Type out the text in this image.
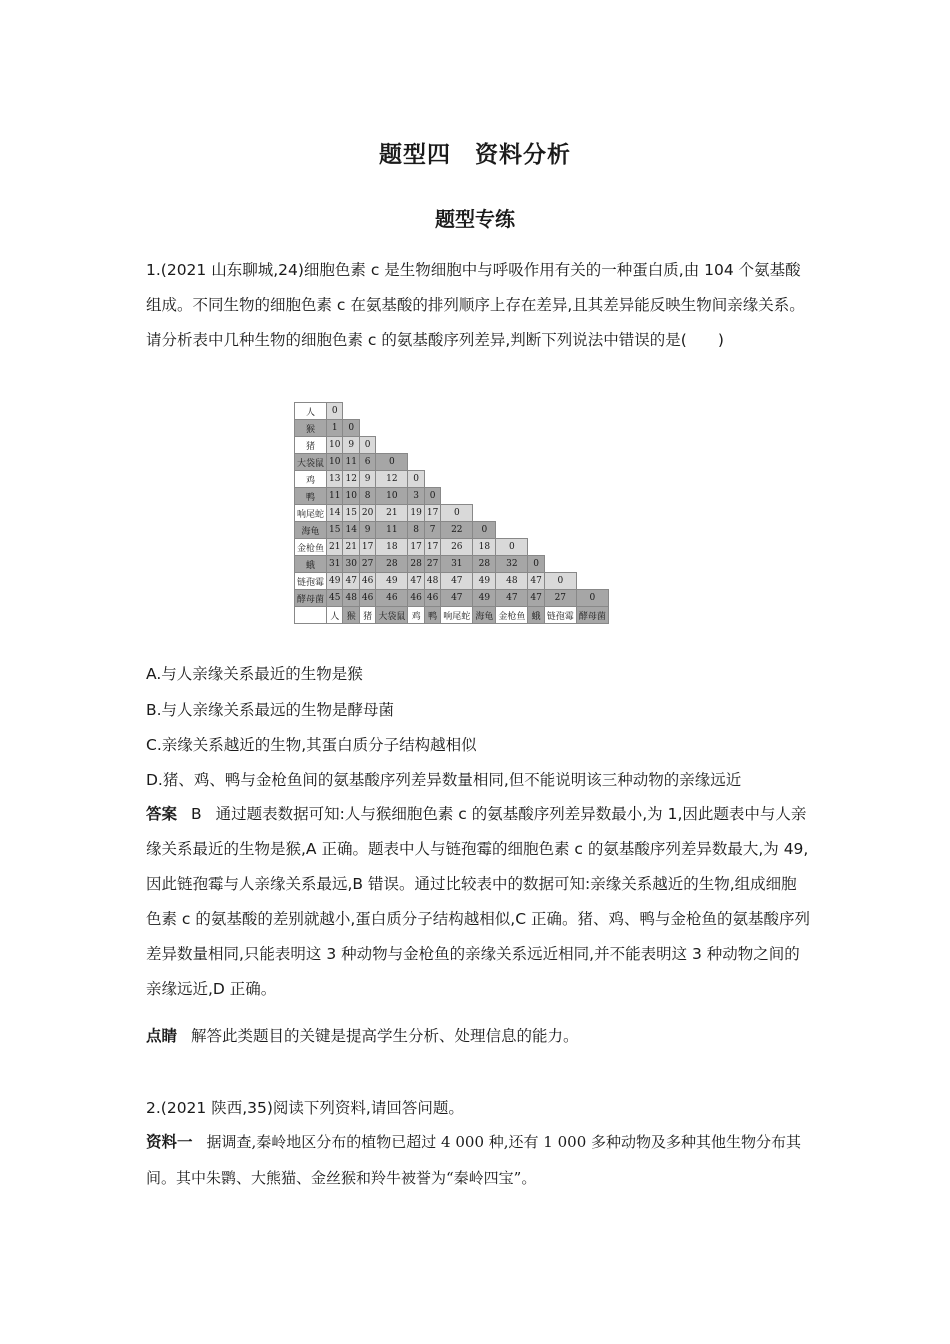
题型四　资料分析
题型专练
1.(2021 山东聊城,24)细胞色素 c 是生物细胞中与呼吸作用有关的一种蛋白质,由 104 个氨基酸组成。不同生物的细胞色素 c 在氨基酸的排列顺序上存在差异,且其差异能反映生物间亲缘关系。请分析表中几种生物的细胞色素 c 的氨基酸序列差异,判断下列说法中错误的是(　　)
人	0											
猴	1	0										
猪	10	9	0									
大袋鼠	10	11	6	0								
鸡	13	12	9	12	0							
鸭	11	10	8	10	3	0						
响尾蛇	14	15	20	21	19	17	0					
海龟	15	14	9	11	8	7	22	0				
金枪鱼	21	21	17	18	17	17	26	18	0			
蛾	31	30	27	28	28	27	31	28	32	0		
链孢霉	49	47	46	49	47	48	47	49	48	47	0	
酵母菌	45	48	46	46	46	46	47	49	47	47	27	0
	人	猴	猪	大袋鼠	鸡	鸭	响尾蛇	海龟	金枪鱼	蛾	链孢霉	酵母菌
A.与人亲缘关系最近的生物是猴
B.与人亲缘关系最远的生物是酵母菌
C.亲缘关系越近的生物,其蛋白质分子结构越相似
D.猪、鸡、鸭与金枪鱼间的氨基酸序列差异数量相同,但不能说明该三种动物的亲缘远近
答案 B 通过题表数据可知:人与猴细胞色素 c 的氨基酸序列差异数最小,为 1,因此题表中与人亲缘关系最近的生物是猴,A 正确。题表中人与链孢霉的细胞色素 c 的氨基酸序列差异数最大,为 49,因此链孢霉与人亲缘关系最远,B 错误。通过比较表中的数据可知:亲缘关系越近的生物,组成细胞色素 c 的氨基酸的差别就越小,蛋白质分子结构越相似,C 正确。猪、鸡、鸭与金枪鱼的氨基酸序列差异数量相同,只能表明这 3 种动物与金枪鱼的亲缘关系远近相同,并不能表明这 3 种动物之间的亲缘远近,D 正确。
点睛 解答此类题目的关键是提高学生分析、处理信息的能力。
2.(2021 陕西,35)阅读下列资料,请回答问题。
资料一 据调查,秦岭地区分布的植物已超过 4 000 种,还有 1 000 多种动物及多种其他生物分布其间。其中朱鹮、大熊猫、金丝猴和羚牛被誉为“秦岭四宝”。
